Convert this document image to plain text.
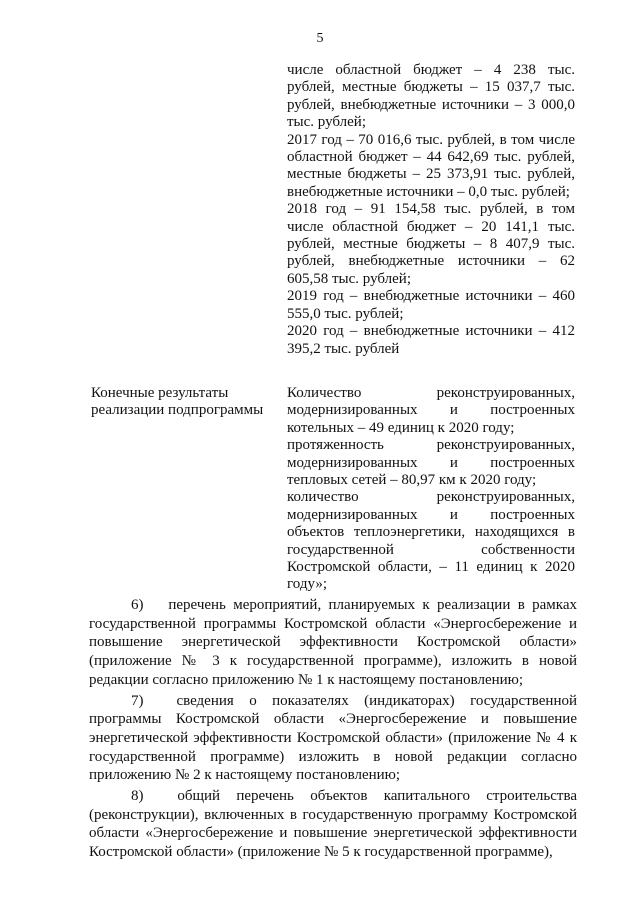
5

числе областной бюджет – 4 238 тыс. рублей, местные бюджеты – 15 037,7 тыс. рублей, внебюджетные источники – 3 000,0 тыс. рублей;

2017 год – 70 016,6 тыс. рублей, в том числе областной бюджет – 44 642,69 тыс. рублей, местные бюджеты – 25 373,91 тыс. рублей, внебюджетные источники – 0,0 тыс. рублей;

2018 год – 91 154,58 тыс. рублей, в том числе областной бюджет – 20 141,1 тыс. рублей, местные бюджеты – 8 407,9 тыс. рублей, внебюджетные источники – 62 605,58 тыс. рублей;

2019 год – внебюджетные источники – 460 555,0 тыс. рублей;

2020 год – внебюджетные источники – 412 395,2 тыс. рублей

Конечные результаты реализации подпрограммы

Количество реконструированных, модернизированных и построенных котельных – 49 единиц к 2020 году;

протяженность реконструированных, модернизированных и построенных тепловых сетей – 80,97 км к 2020 году;

количество реконструированных, модернизированных и построенных объектов теплоэнергетики, находящихся в государственной собственности Костромской области, – 11 единиц к 2020 году»;

6) перечень мероприятий, планируемых к реализации в рамках государственной программы Костромской области «Энергосбережение и повышение энергетической эффективности Костромской области» (приложение № 3 к государственной программе), изложить в новой редакции согласно приложению № 1 к настоящему постановлению;

7) сведения о показателях (индикаторах) государственной программы Костромской области «Энергосбережение и повышение энергетической эффективности Костромской области» (приложение № 4 к государственной программе) изложить в новой редакции согласно приложению № 2 к настоящему постановлению;

8) общий перечень объектов капитального строительства (реконструкции), включенных в государственную программу Костромской области «Энергосбережение и повышение энергетической эффективности Костромской области» (приложение № 5 к государственной программе),
